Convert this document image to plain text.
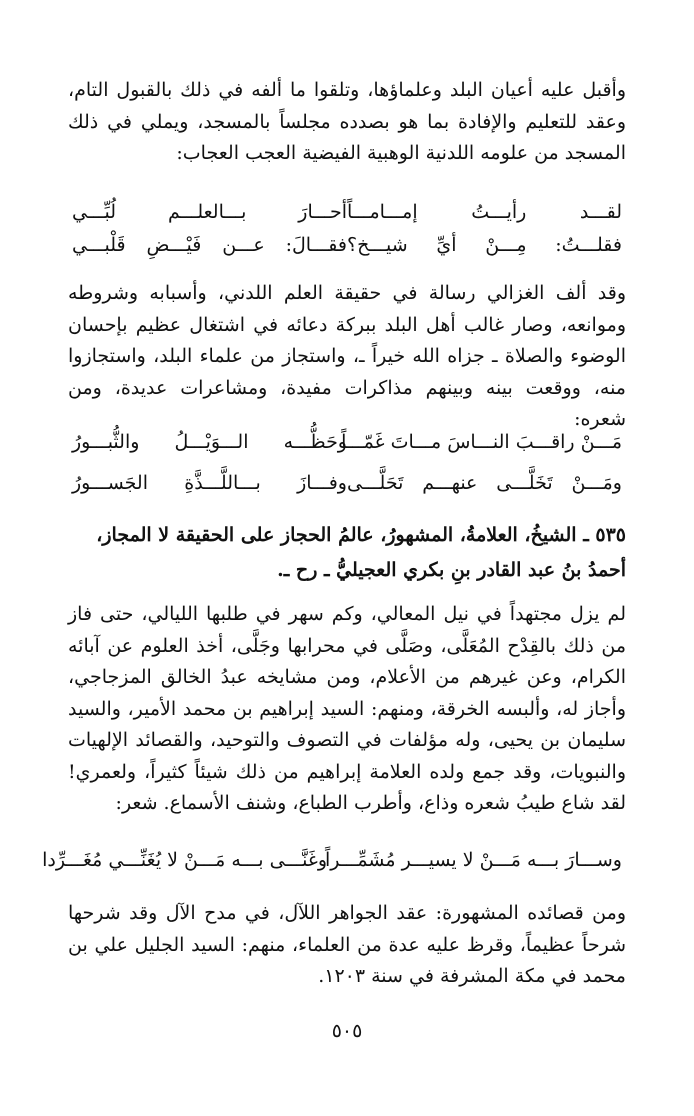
وأقبل عليه أعيان البلد وعلماؤها، وتلقوا ما ألفه في ذلك بالقبول التام، وعقد للتعليم والإفادة بما هو بصدده مجلساً بالمسجد، ويملي في ذلك المسجد من علومه اللدنية الوهبية الفيضية العجب العجاب:
لقـــد رأيـــتُ إمـــامـــاً
أحـــارَ بـــالعلـــم لُبِّـــي
فقلـــتُ: مِـــنْ أيِّ شيـــخ؟
فقـــالَ: عـــن فَيْـــضِ قَلْبـــي
وقد ألف الغزالي رسالة في حقيقة العلم اللدني، وأسبابه وشروطه وموانعه، وصار غالب أهل البلد ببركة دعائه في اشتغال عظيم بإحسان الوضوء والصلاة ـ جزاه الله خيراً ـ، واستجاز من علماء البلد، واستجازوا منه، ووقعت بينه وبينهم مذاكرات مفيدة، ومشاعرات عديدة، ومن شعره:
مَـــنْ راقـــبَ النـــاسَ مـــاتَ غَمّـــاً
وحَظُّـــه الـــوَيْـــلُ والثُّبـــورُ
ومَـــنْ تَخَلَّـــى عنهـــم تَحَلَّـــى
وفـــازَ بـــاللَّـــذَّةِ الجَســـورُ
٥٣٥ ـ الشيخُ، العلامةُ، المشهورُ، عالمُ الحجاز على الحقيقة لا المجاز،
أحمدُ بنُ عبد القادر بنِ بكري العجيليُّ ـ رح ـ.
لم يزل مجتهداً في نيل المعالي، وكم سهر في طلبها الليالي، حتى فاز من ذلك بالقِدْح المُعَلَّى، وصَلَّى في محرابها وجَلَّى، أخذ العلوم عن آبائه الكرام، وعن غيرهم من الأعلام، ومن مشايخه عبدُ الخالق المزجاجي، وأجاز له، وألبسه الخرقة، ومنهم: السيد إبراهيم بن محمد الأمير، والسيد سليمان بن يحيى، وله مؤلفات في التصوف والتوحيد، والقصائد الإلهيات والنبويات، وقد جمع ولده العلامة إبراهيم من ذلك شيئاً كثيراً، ولعمري! لقد شاع طيبُ شعره وذاع، وأطرب الطباع، وشنف الأسماع. شعر:
وســـارَ بـــه مَـــنْ لا يسيـــر مُشَمِّـــراً
وغَنَّـــى بـــه مَـــنْ لا يُغَنِّـــي مُغَـــرِّدا
ومن قصائده المشهورة: عقد الجواهر اللآل، في مدح الآل وقد شرحها شرحاً عظيماً، وقرظ عليه عدة من العلماء، منهم: السيد الجليل علي بن محمد في مكة المشرفة في سنة ١٢٠٣.
٥٠٥
